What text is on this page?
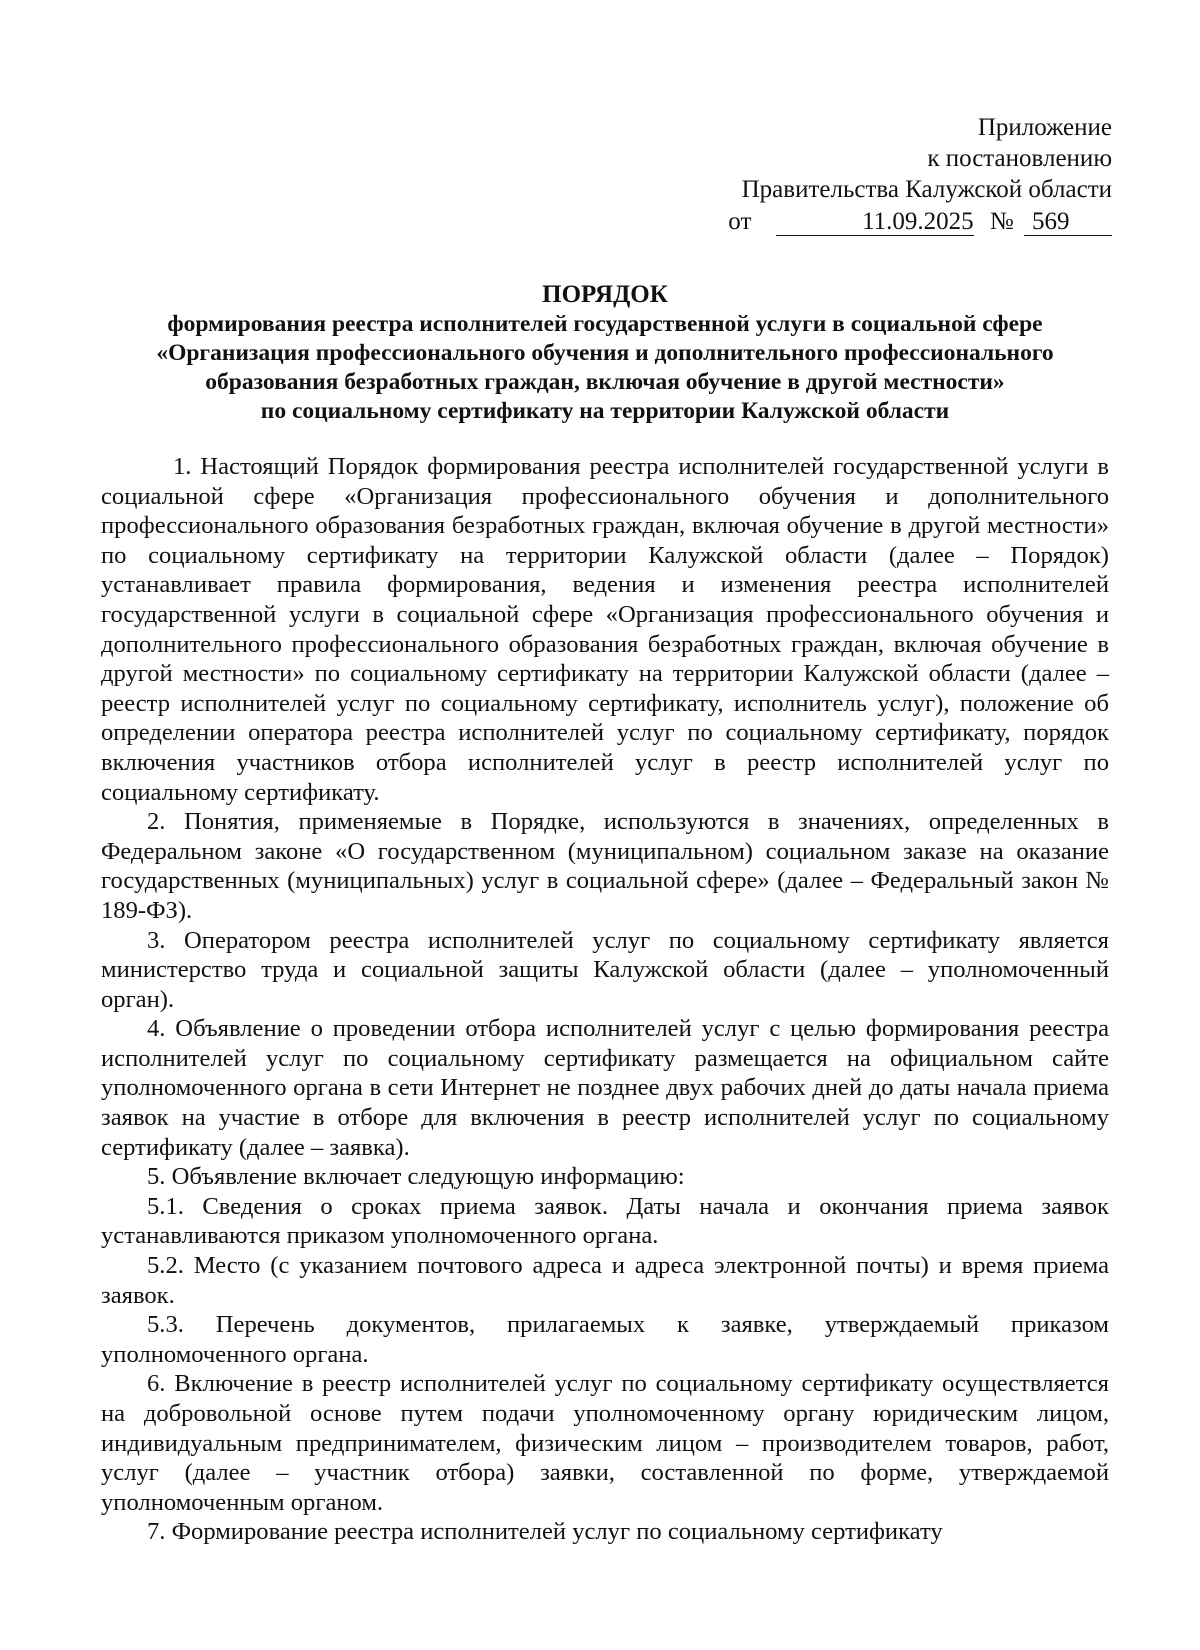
Приложение
к постановлению
Правительства Калужской области
от	11.09.2025 № 569
ПОРЯДОК
формирования реестра исполнителей государственной услуги в социальной сфере
«Организация профессионального обучения и дополнительного профессионального
образования безработных граждан, включая обучение в другой местности»
по социальному сертификату на территории Калужской области

1. Настоящий Порядок формирования реестра исполнителей государственной услуги в социальной сфере «Организация профессионального обучения и дополнительного профессионального образования безработных граждан, включая обучение в другой местности» по социальному сертификату на территории Калужской области (далее – Порядок) устанавливает правила формирования, ведения и изменения реестра исполнителей государственной услуги в социальной сфере «Организация профессионального обучения и дополнительного профессионального образования безработных граждан, включая обучение в другой местности» по социальному сертификату на территории Калужской области (далее – реестр исполнителей услуг по социальному сертификату, исполнитель услуг), положение об определении оператора реестра исполнителей услуг по социальному сертификату, порядок включения участников отбора исполнителей услуг в реестр исполнителей услуг по социальному сертификату.

2. Понятия, применяемые в Порядке, используются в значениях, определенных в Федеральном законе «О государственном (муниципальном) социальном заказе на оказание государственных (муниципальных) услуг в социальной сфере» (далее – Федеральный закон № 189-ФЗ).

3. Оператором реестра исполнителей услуг по социальному сертификату является министерство труда и социальной защиты Калужской области (далее – уполномоченный орган).

4. Объявление о проведении отбора исполнителей услуг с целью формирования реестра исполнителей услуг по социальному сертификату размещается на официальном сайте уполномоченного органа в сети Интернет не позднее двух рабочих дней до даты начала приема заявок на участие в отборе для включения в реестр исполнителей услуг по социальному сертификату (далее – заявка).

5. Объявление включает следующую информацию:

5.1. Сведения о сроках приема заявок. Даты начала и окончания приема заявок устанавливаются приказом уполномоченного органа.

5.2. Место (с указанием почтового адреса и адреса электронной почты) и время приема заявок.

5.3. Перечень документов, прилагаемых к заявке, утверждаемый приказом уполномоченного органа.

6. Включение в реестр исполнителей услуг по социальному сертификату осуществляется на добровольной основе путем подачи уполномоченному органу юридическим лицом, индивидуальным предпринимателем, физическим лицом – производителем товаров, работ, услуг (далее – участник отбора) заявки, составленной по форме, утверждаемой уполномоченным органом.

7. Формирование реестра исполнителей услуг по социальному сертификату
